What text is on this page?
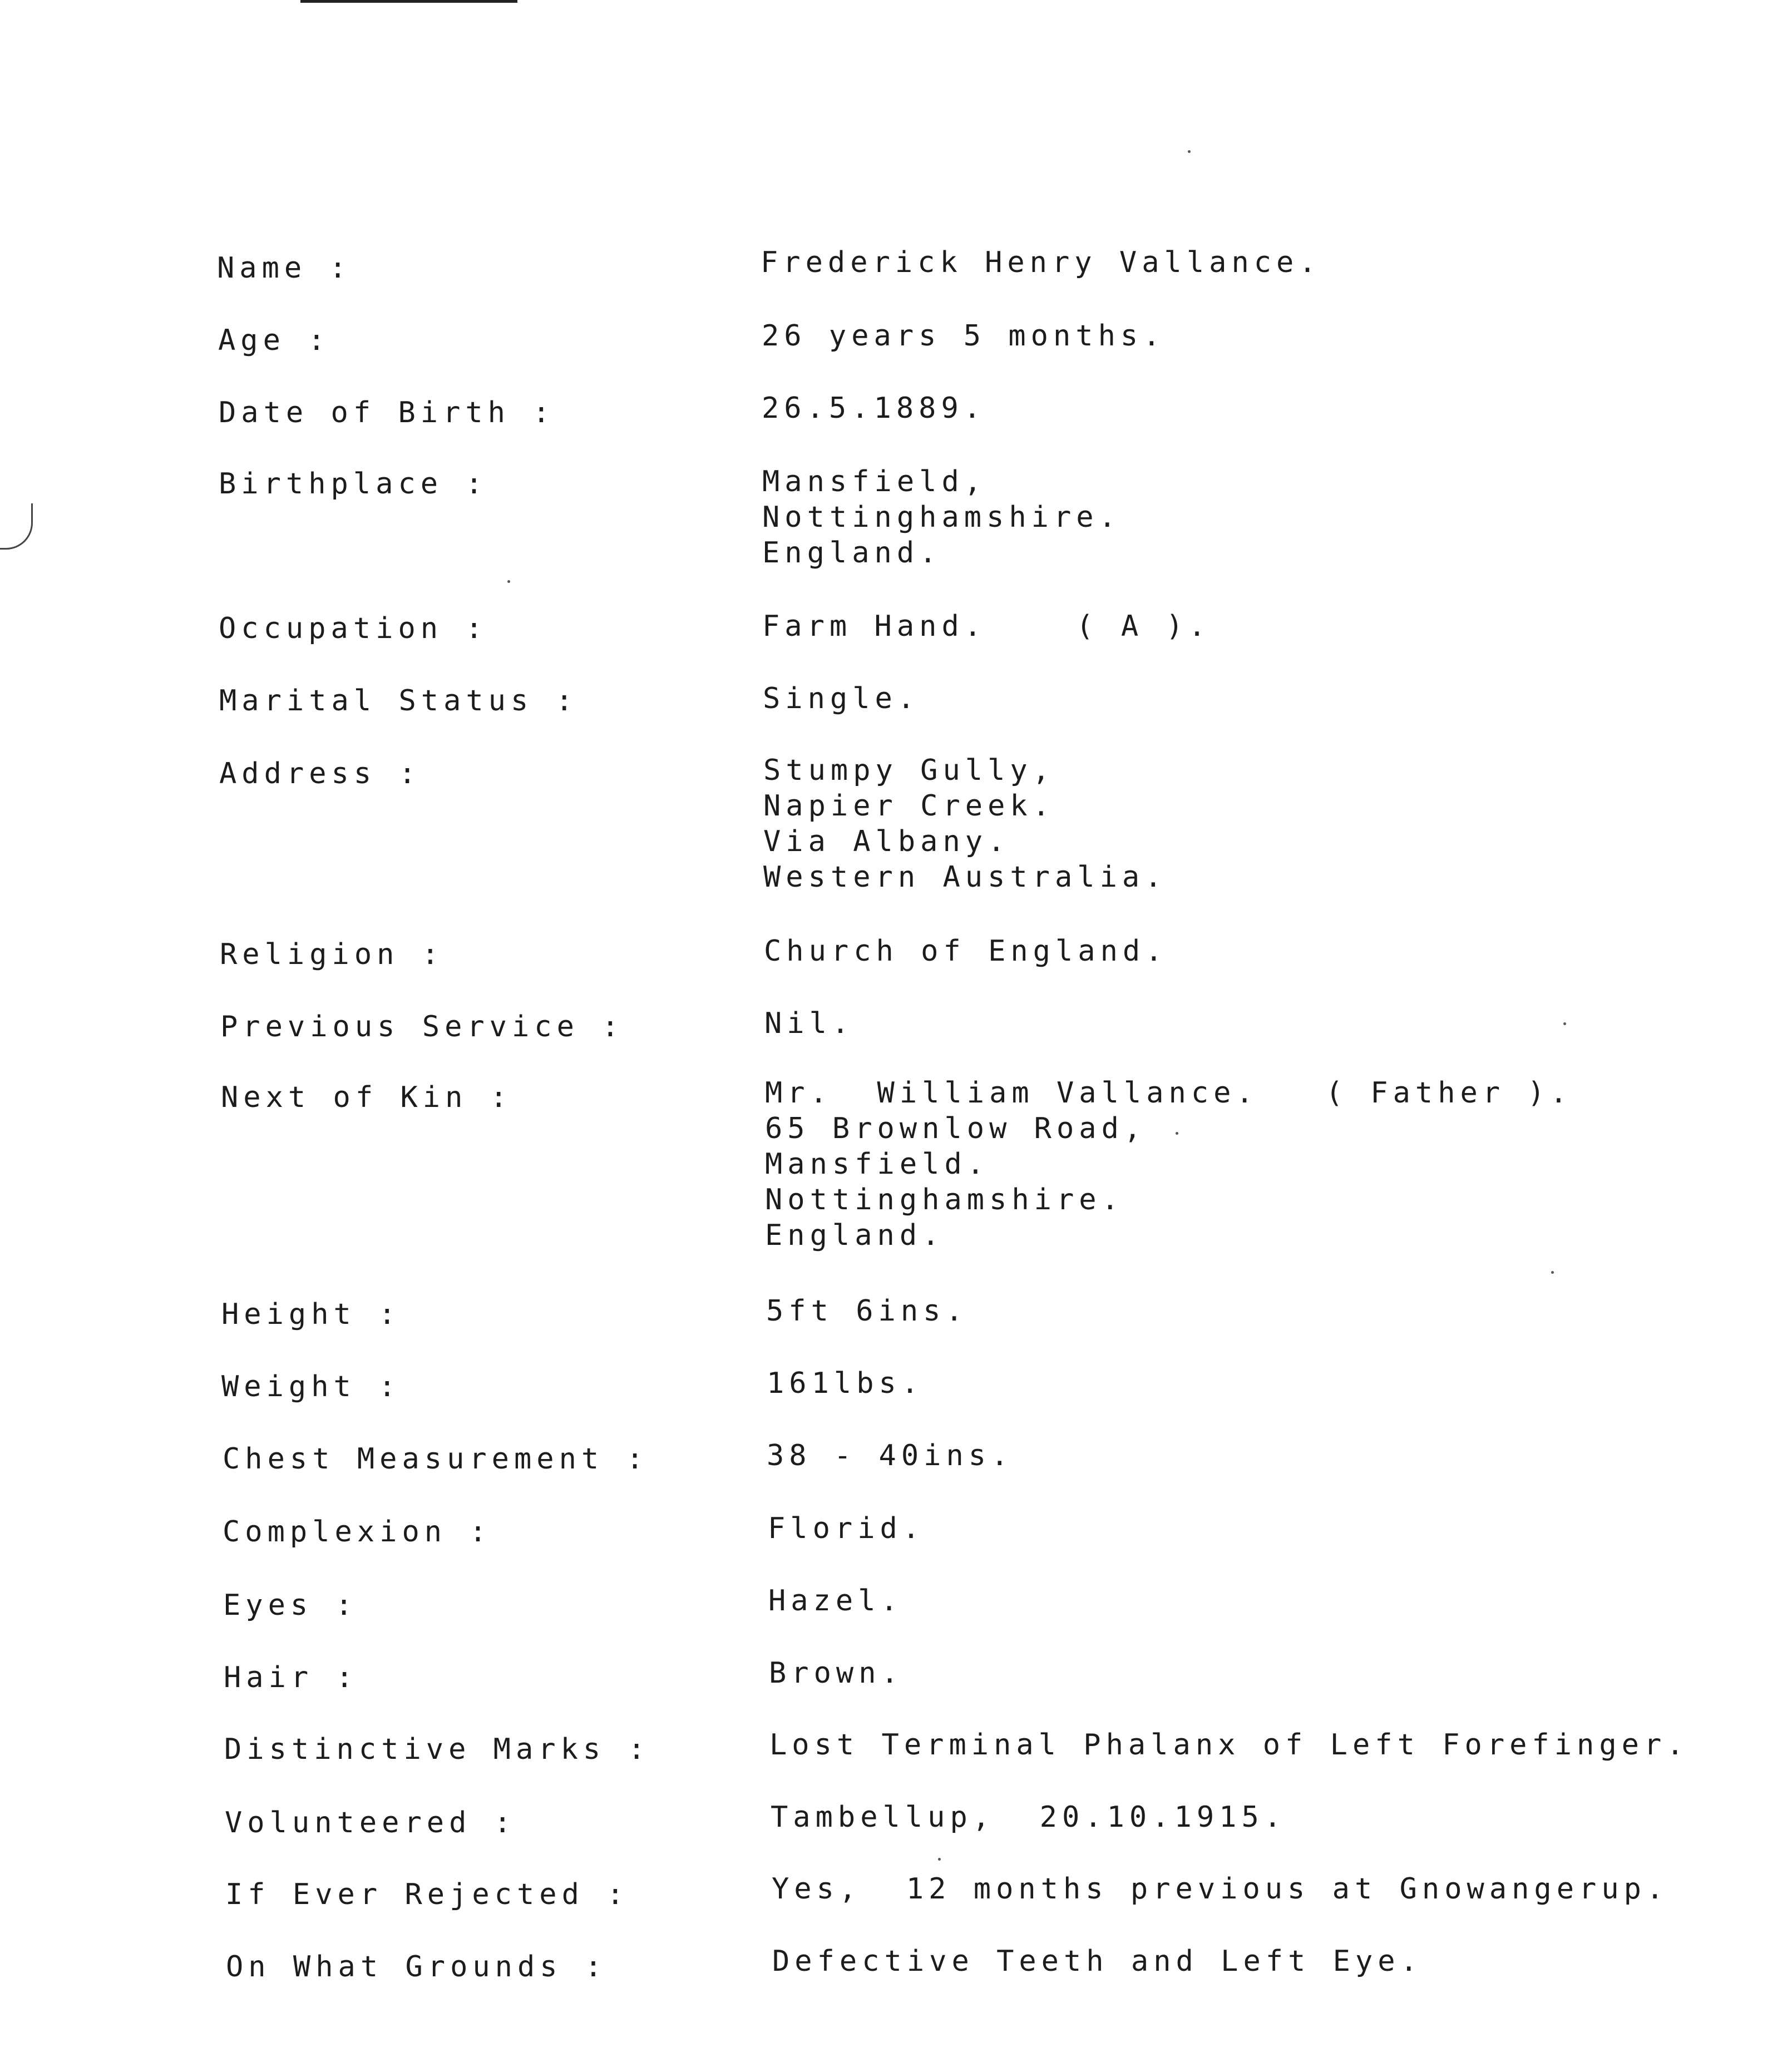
Name :	Frederick Henry Vallance.
Age :	26 years 5 months.
Date of Birth :	26.5.1889.
Birthplace :	Mansfield,
Nottinghamshire.
England.
Occupation :	Farm Hand.    ( A ).
Marital Status :	Single.
Address :	Stumpy Gully,
Napier Creek.
Via Albany.
Western Australia.
Religion :	Church of England.
Previous Service :	Nil.
Next of Kin :	Mr.  William Vallance.   ( Father ).
65 Brownlow Road,
Mansfield.
Nottinghamshire.
England.
Height :	5ft 6ins.
Weight :	161lbs.
Chest Measurement :	38 - 40ins.
Complexion :	Florid.
Eyes :	Hazel.
Hair :	Brown.
Distinctive Marks :	Lost Terminal Phalanx of Left Forefinger.
Volunteered :	Tambellup,  20.10.1915.
If Ever Rejected :	Yes,  12 months previous at Gnowangerup.
On What Grounds :	Defective Teeth and Left Eye.
